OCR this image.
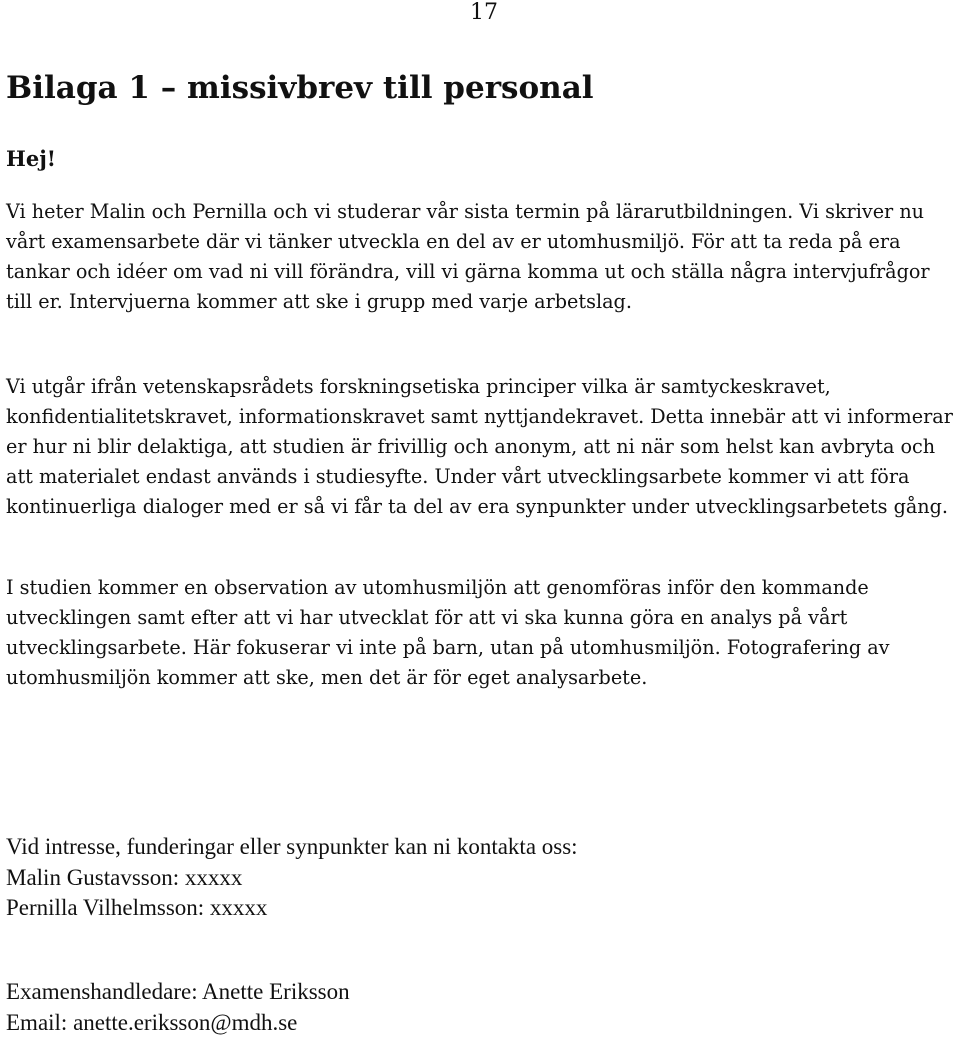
17
Bilaga 1 – missivbrev till personal

Hej!

Vi heter Malin och Pernilla och vi studerar vår sista termin på lärarutbildningen. Vi skriver nu vårt examensarbete där vi tänker utveckla en del av er utomhusmiljö. För att ta reda på era tankar och idéer om vad ni vill förändra, vill vi gärna komma ut och ställa några intervjufrågor till er. Intervjuerna kommer att ske i grupp med varje arbetslag.

Vi utgår ifrån vetenskapsrådets forskningsetiska principer vilka är samtyckeskravet, konfidentialitetskravet, informationskravet samt nyttjandekravet. Detta innebär att vi informerar er hur ni blir delaktiga, att studien är frivillig och anonym, att ni när som helst kan avbryta och att materialet endast används i studiesyfte. Under vårt utvecklingsarbete kommer vi att föra kontinuerliga dialoger med er så vi får ta del av era synpunkter under utvecklingsarbetets gång.

I studien kommer en observation av utomhusmiljön att genomföras inför den kommande utvecklingen samt efter att vi har utvecklat för att vi ska kunna göra en analys på vårt utvecklingsarbete. Här fokuserar vi inte på barn, utan på utomhusmiljön. Fotografering av utomhusmiljön kommer att ske, men det är för eget analysarbete.

Vid intresse, funderingar eller synpunkter kan ni kontakta oss:
Malin Gustavsson: xxxxx
Pernilla Vilhelmsson: xxxxx
Examenshandledare: Anette Eriksson
Email: anette.eriksson@mdh.se
